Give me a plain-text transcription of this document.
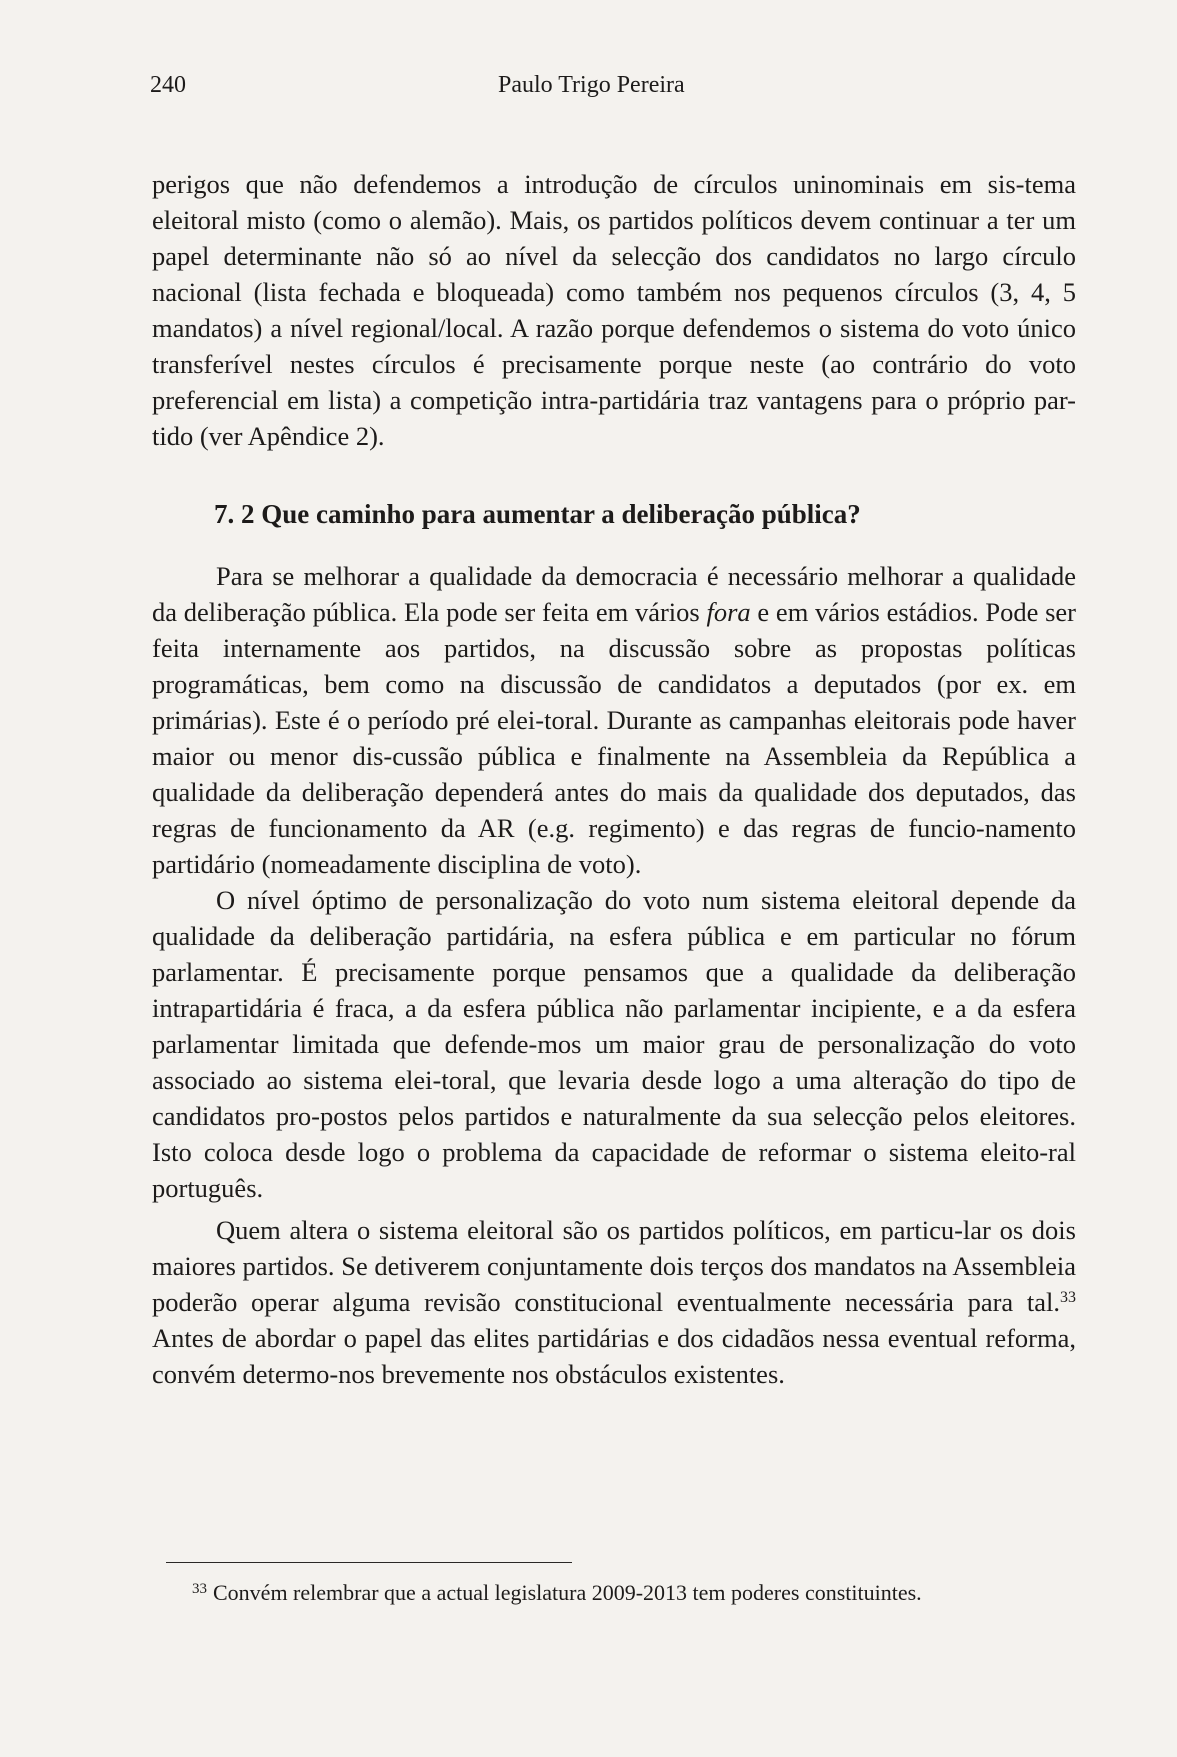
240	Paulo Trigo Pereira

perigos que não defendemos a introdução de círculos uninominais em sis-tema eleitoral misto (como o alemão). Mais, os partidos políticos devem continuar a ter um papel determinante não só ao nível da selecção dos candidatos no largo círculo nacional (lista fechada e bloqueada) como também nos pequenos círculos (3, 4, 5 mandatos) a nível regional/local. A razão porque defendemos o sistema do voto único transferível nestes círculos é precisamente porque neste (ao contrário do voto preferencial em lista) a competição intra-partidária traz vantagens para o próprio par-tido (ver Apêndice 2).

7. 2 Que caminho para aumentar a deliberação pública?

Para se melhorar a qualidade da democracia é necessário melhorar a qualidade da deliberação pública. Ela pode ser feita em vários fora e em vários estádios. Pode ser feita internamente aos partidos, na discussão sobre as propostas políticas programáticas, bem como na discussão de candidatos a deputados (por ex. em primárias). Este é o período pré elei-toral. Durante as campanhas eleitorais pode haver maior ou menor dis-cussão pública e finalmente na Assembleia da República a qualidade da deliberação dependerá antes do mais da qualidade dos deputados, das regras de funcionamento da AR (e.g. regimento) e das regras de funcio-namento partidário (nomeadamente disciplina de voto).

O nível óptimo de personalização do voto num sistema eleitoral depende da qualidade da deliberação partidária, na esfera pública e em particular no fórum parlamentar. É precisamente porque pensamos que a qualidade da deliberação intrapartidária é fraca, a da esfera pública não parlamentar incipiente, e a da esfera parlamentar limitada que defende-mos um maior grau de personalização do voto associado ao sistema elei-toral, que levaria desde logo a uma alteração do tipo de candidatos pro-postos pelos partidos e naturalmente da sua selecção pelos eleitores. Isto coloca desde logo o problema da capacidade de reformar o sistema eleito-ral português.

Quem altera o sistema eleitoral são os partidos políticos, em particu-lar os dois maiores partidos. Se detiverem conjuntamente dois terços dos mandatos na Assembleia poderão operar alguma revisão constitucional eventualmente necessária para tal.$^{33}$ Antes de abordar o papel das elites partidárias e dos cidadãos nessa eventual reforma, convém determo-nos brevemente nos obstáculos existentes.

$^{33}$ Convém relembrar que a actual legislatura 2009-2013 tem poderes constituintes.
